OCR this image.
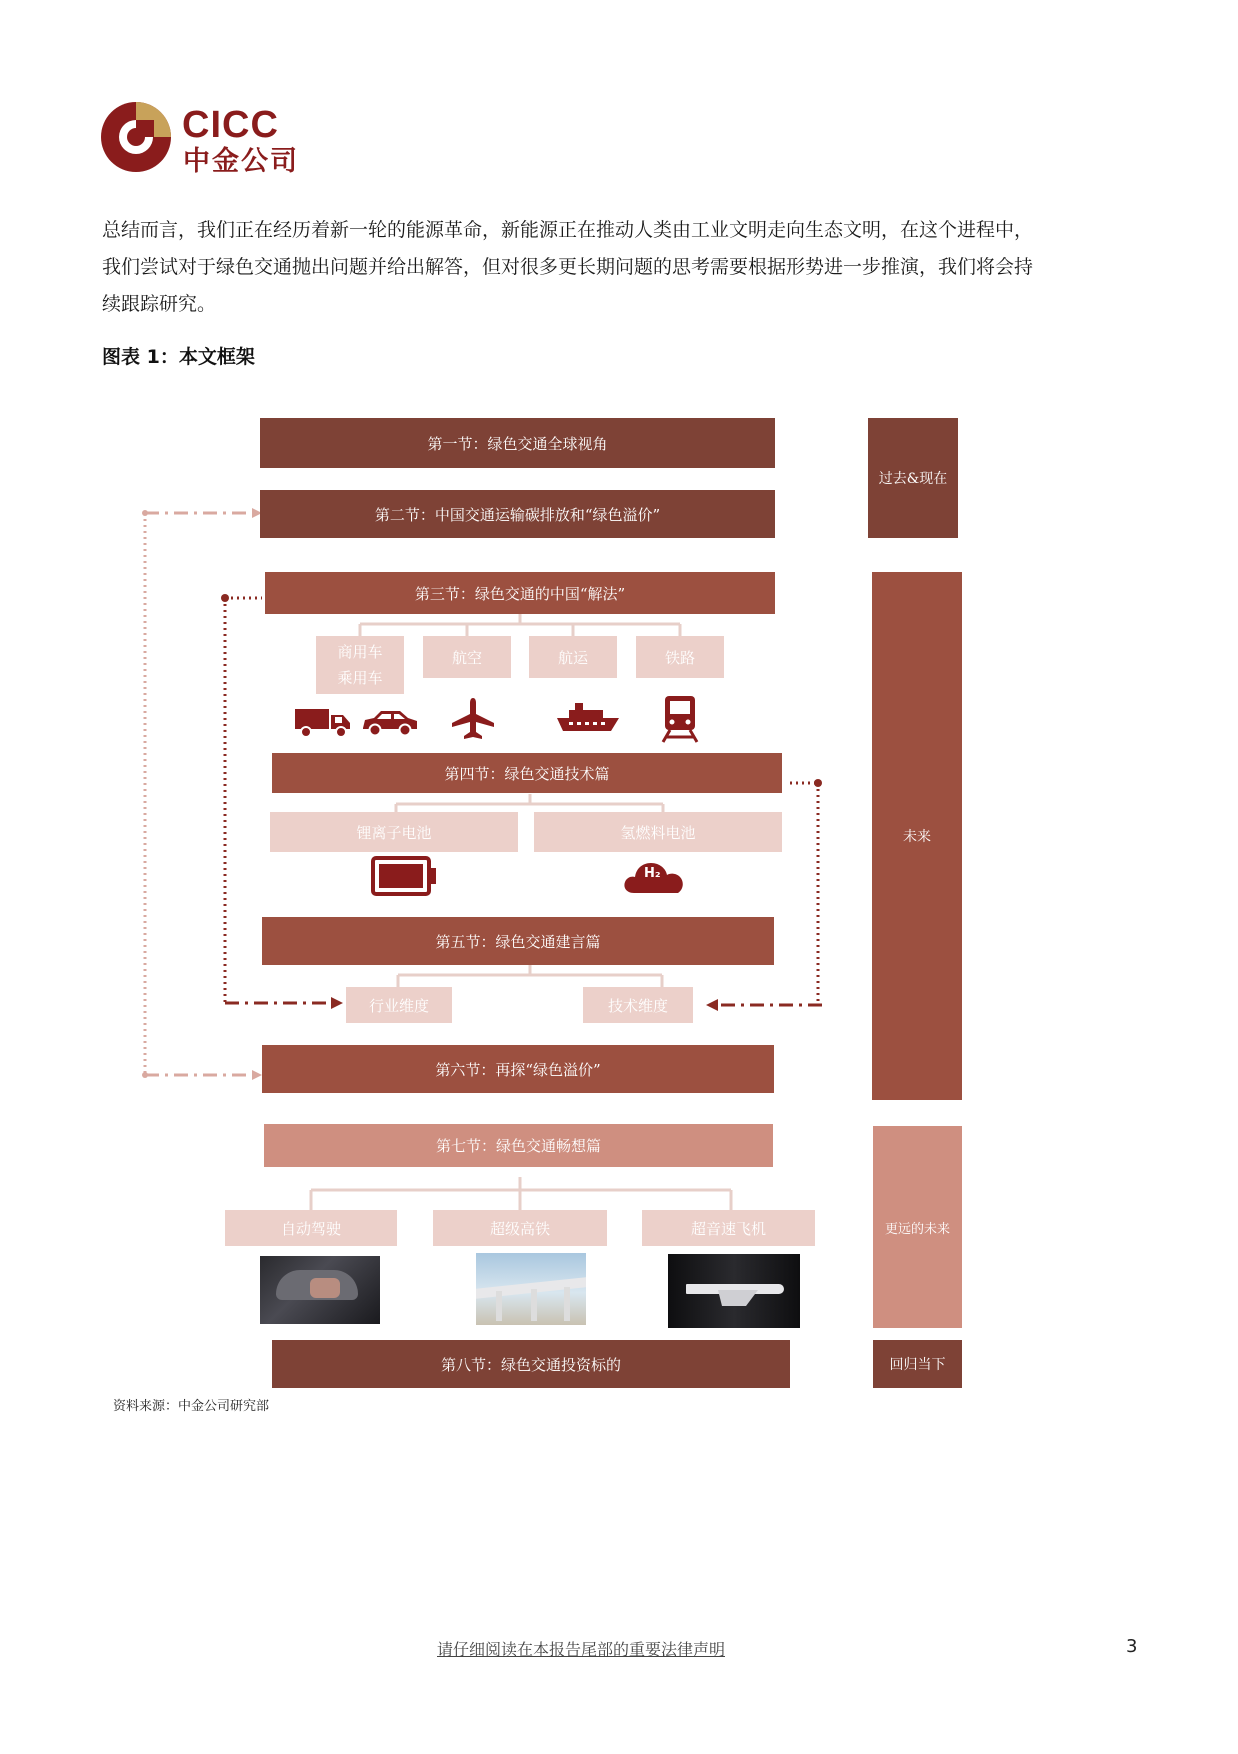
CICC
中金公司
总结而言，我们正在经历着新一轮的能源革命，新能源正在推动人类由工业文明走向生态文明，在这个进程中，
我们尝试对于绿色交通抛出问题并给出解答，但对很多更长期问题的思考需要根据形势进一步推演，我们将会持
续跟踪研究。
图表 1：本文框架
第一节：绿色交通全球视角
第二节：中国交通运输碳排放和“绿色溢价”
第三节：绿色交通的中国“解法”
商用车
乘用车
航空	航运	铁路
第四节：绿色交通技术篇
锂离子电池	氢燃料电池
H₂
第五节：绿色交通建言篇
行业维度	技术维度
第六节：再探“绿色溢价”
第七节：绿色交通畅想篇
自动驾驶	超级高铁	超音速飞机
第八节：绿色交通投资标的
过去&现在
未来
更远的未来
回归当下
资料来源：中金公司研究部
请仔细阅读在本报告尾部的重要法律声明	3
